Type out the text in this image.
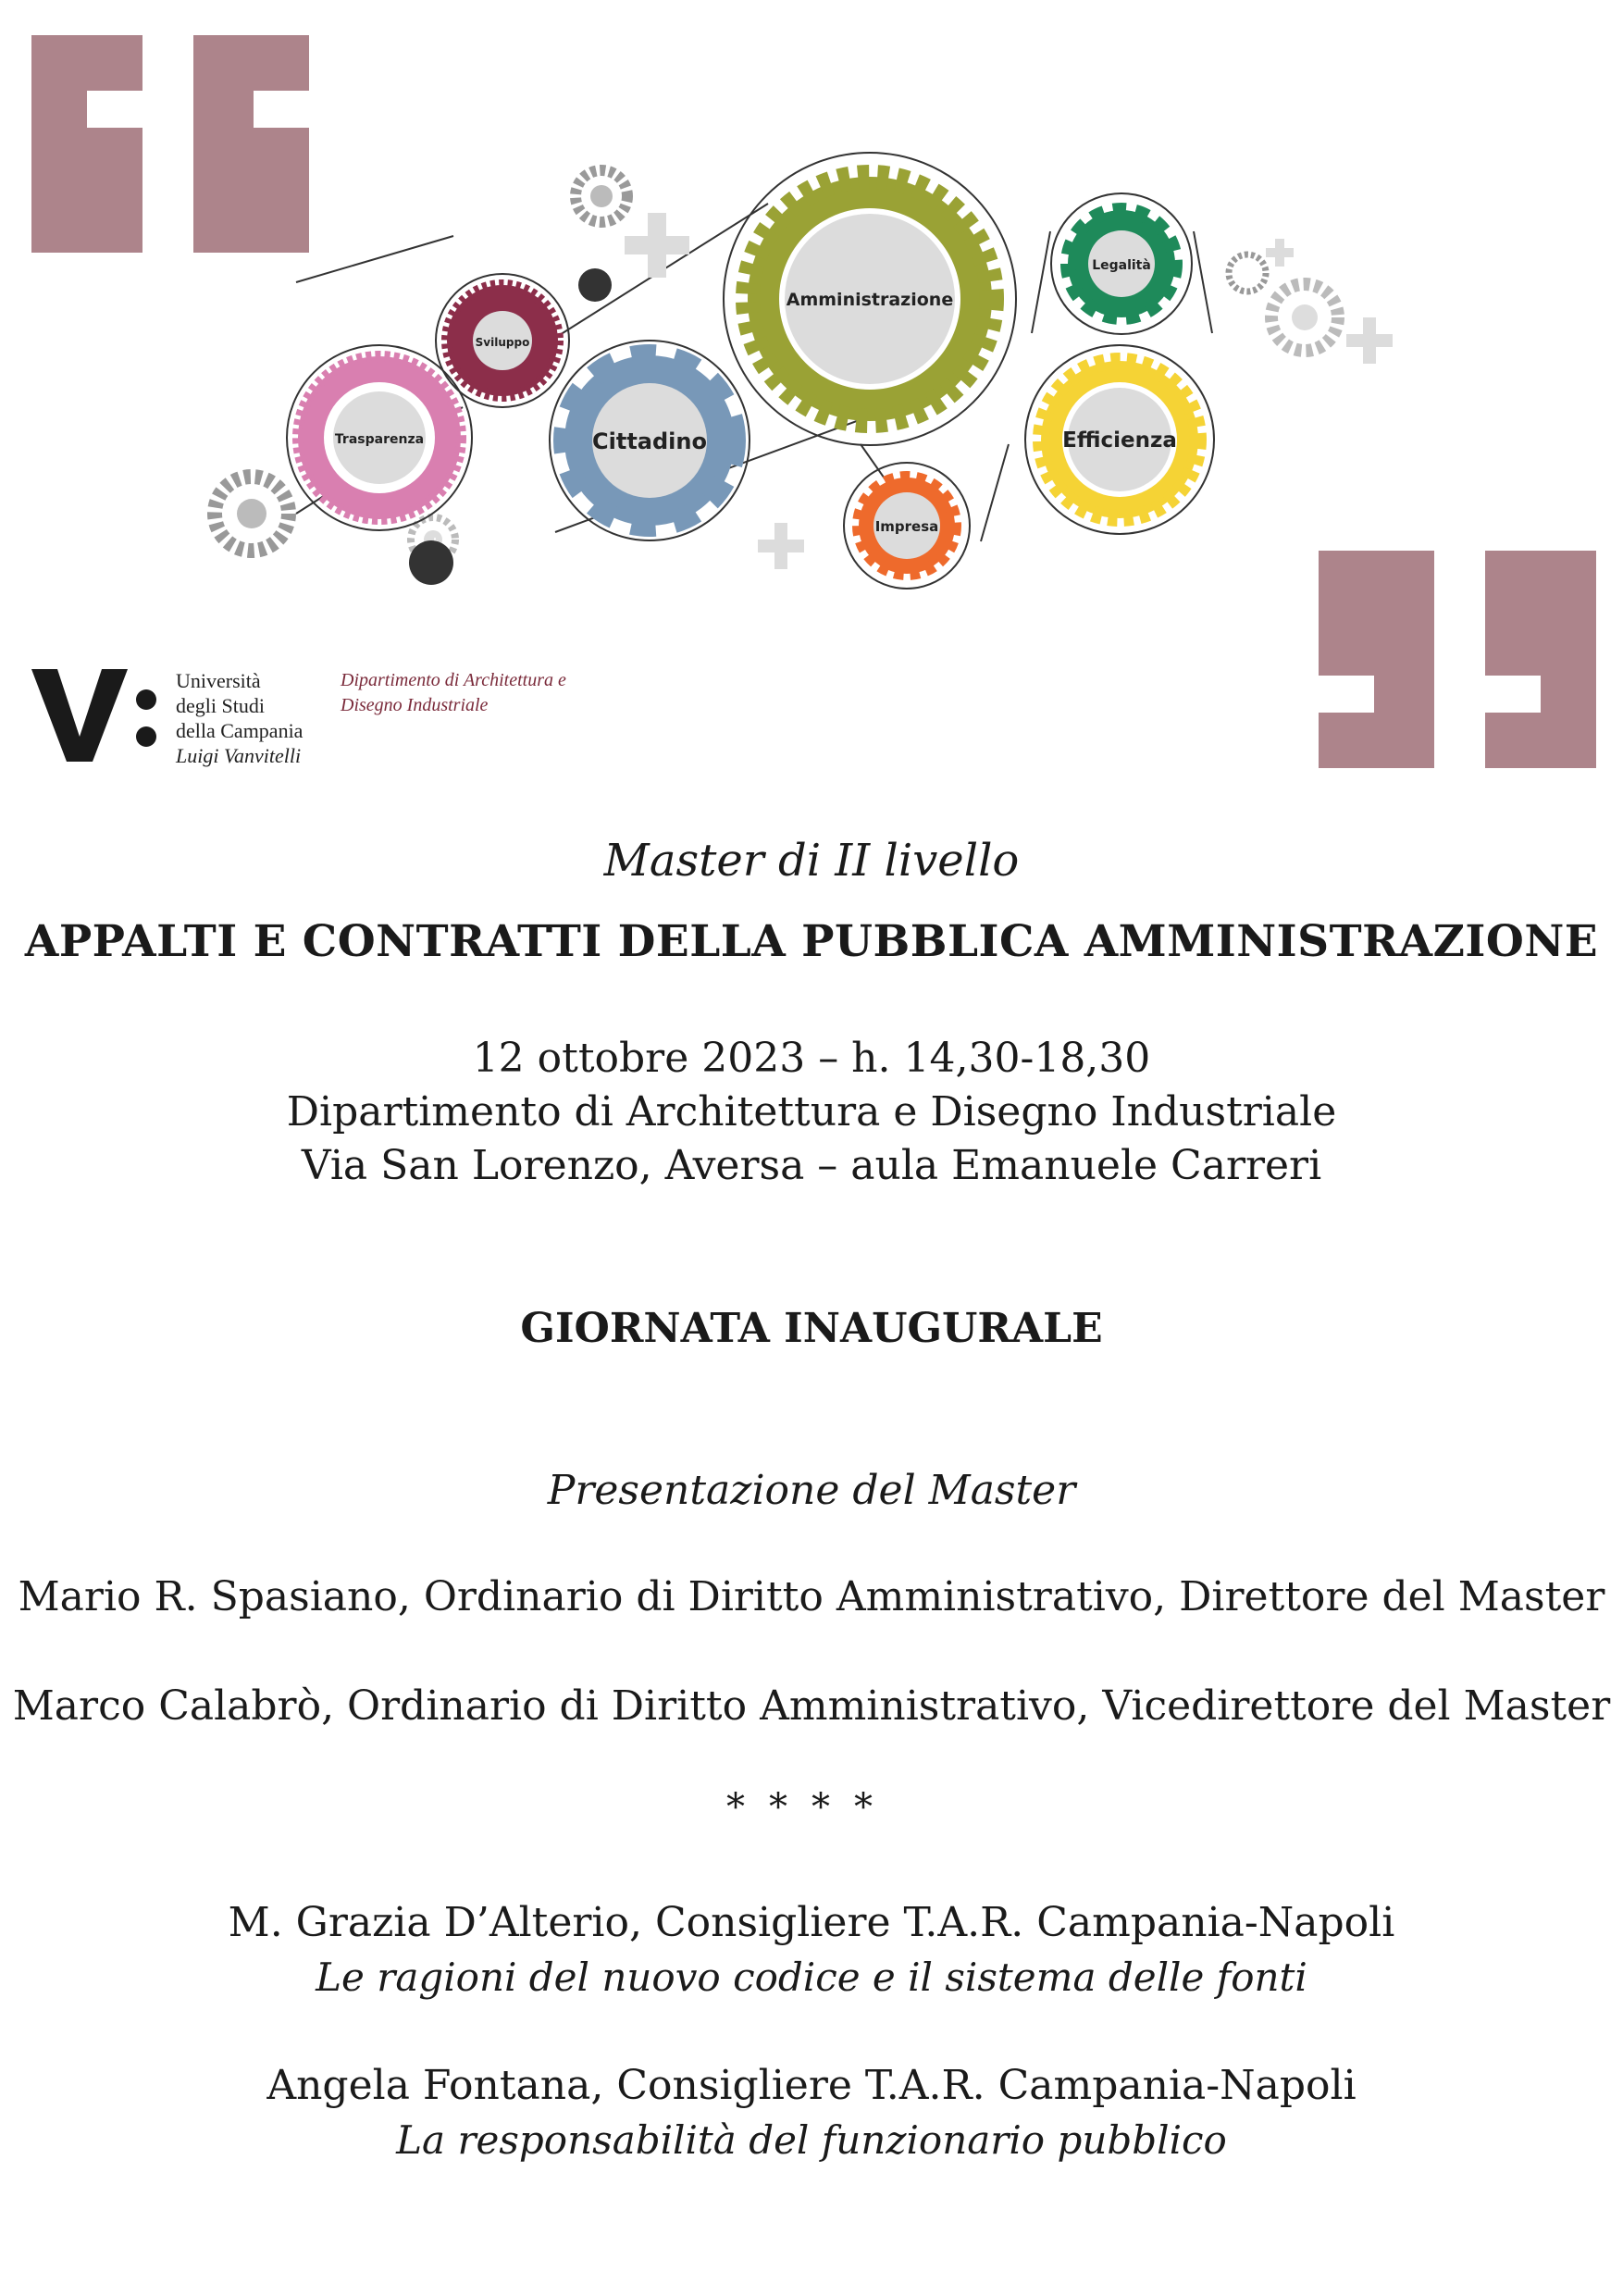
Trasparenza
Sviluppo
Cittadino
Amministrazione
Impresa
Legalità
Efficienza
Università
degli Studi
della Campania
Luigi Vanvitelli
Dipartimento di Architettura e
Disegno Industriale
Master di II livello
APPALTI E CONTRATTI DELLA PUBBLICA AMMINISTRAZIONE
12 ottobre 2023 – h. 14,30-18,30
Dipartimento di Architettura e Disegno Industriale
Via San Lorenzo, Aversa – aula Emanuele Carreri
GIORNATA INAUGURALE
Presentazione del Master
Mario R. Spasiano, Ordinario di Diritto Amministrativo, Direttore del Master
Marco Calabrò, Ordinario di Diritto Amministrativo, Vicedirettore del Master
****
M. Grazia D’Alterio, Consigliere T.A.R. Campania-Napoli
Le ragioni del nuovo codice e il sistema delle fonti
Angela Fontana, Consigliere T.A.R. Campania-Napoli
La responsabilità del funzionario pubblico
